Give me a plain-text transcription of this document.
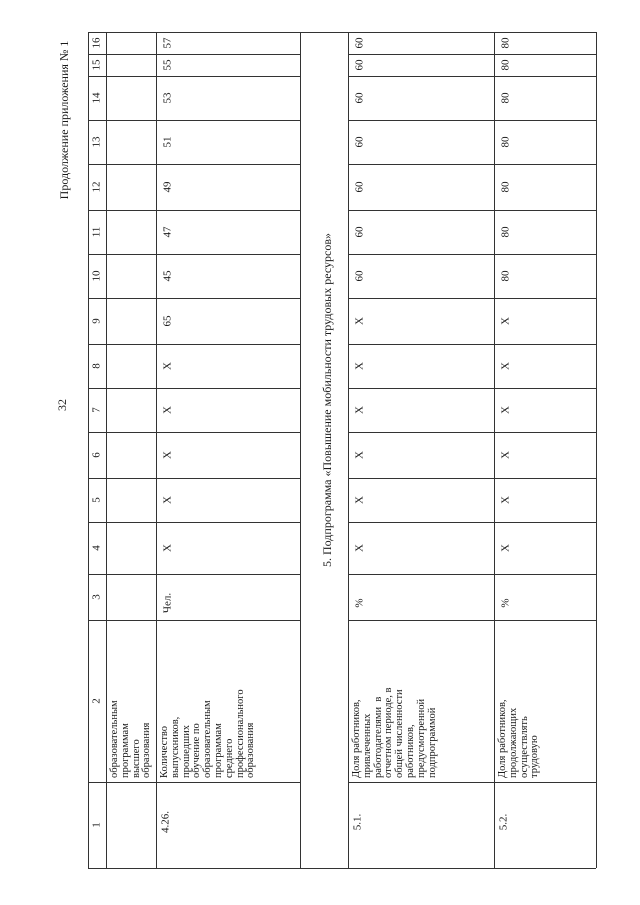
32
Продолжение приложения № 1
1
2
3
4
5
6
7
8
9
10
11
12
13
14
15
16
образовательным
программам
высшего
образования
4.26.
Количество
выпускников,
прошедших
обучение по
образовательным
программам
среднего
профессионального
образования
Чел.
X
X
X
X
X
65
45
47
49
51
53
55
57
5.1.
Доля работников,
привлеченных
работодателями  в
отчетном периоде, в
общей численности
работников,
предусмотренной
подпрограммой
%
X
X
X
X
X
X
60
60
60
60
60
60
60
5.2.
Доля работников,
продолжающих
осуществлять
трудовую
%
X
X
X
X
X
X
80
80
80
80
80
80
80
5. Подпрограмма «Повышение мобильности трудовых ресурсов»
